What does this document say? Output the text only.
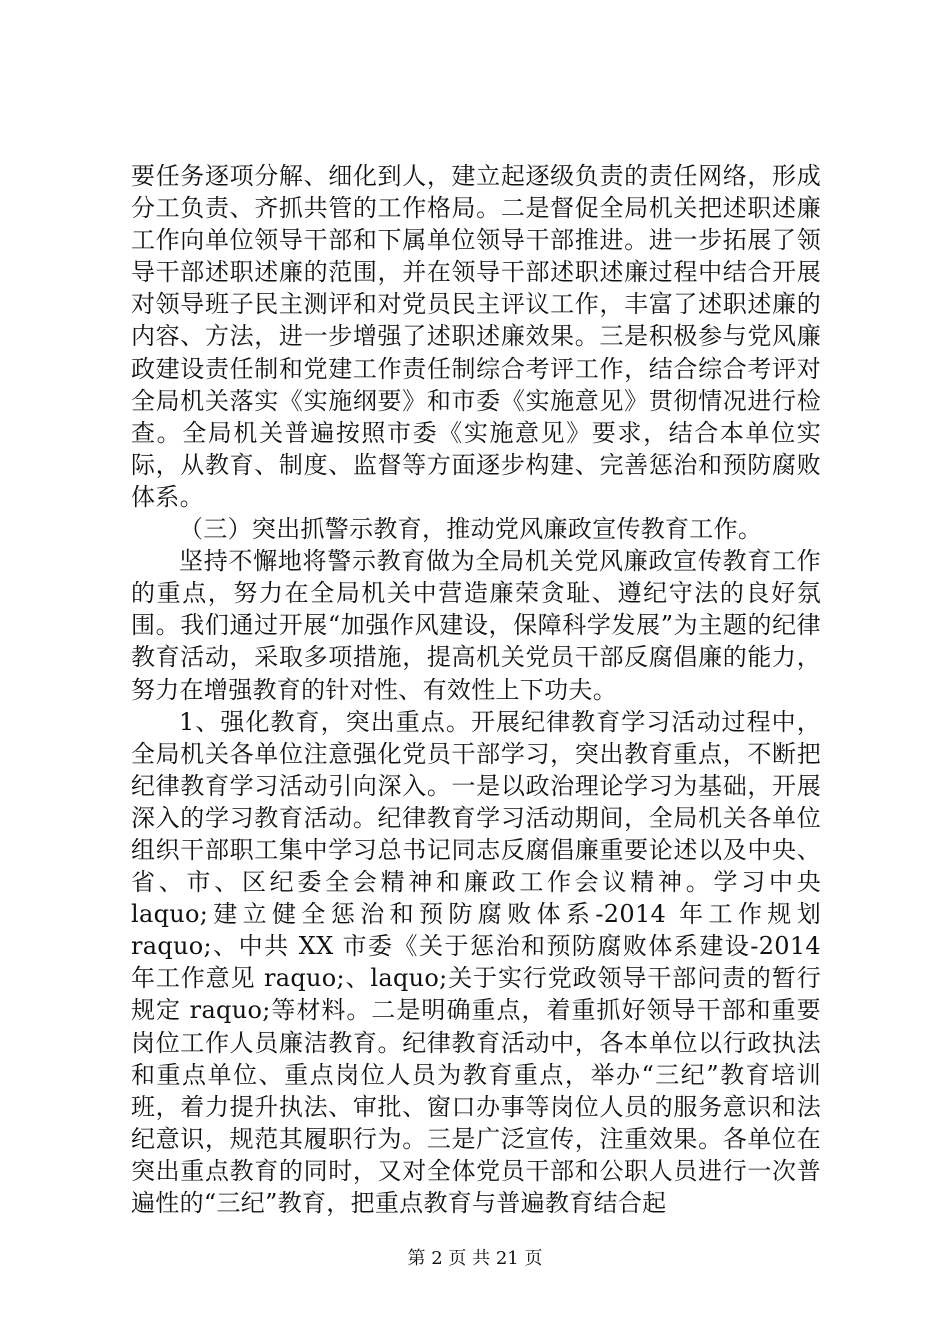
要任务逐项分解、细化到人，建立起逐级负责的责任网络，形成分工负责、齐抓共管的工作格局。二是督促全局机关把述职述廉工作向单位领导干部和下属单位领导干部推进。进一步拓展了领导干部述职述廉的范围，并在领导干部述职述廉过程中结合开展对领导班子民主测评和对党员民主评议工作，丰富了述职述廉的内容、方法，进一步增强了述职述廉效果。三是积极参与党风廉政建设责任制和党建工作责任制综合考评工作，结合综合考评对全局机关落实《实施纲要》和市委《实施意见》贯彻情况进行检查。全局机关普遍按照市委《实施意见》要求，结合本单位实际，从教育、制度、监督等方面逐步构建、完善惩治和预防腐败体系。

（三）突出抓警示教育，推动党风廉政宣传教育工作。

坚持不懈地将警示教育做为全局机关党风廉政宣传教育工作的重点，努力在全局机关中营造廉荣贪耻、遵纪守法的良好氛围。我们通过开展“加强作风建设，保障科学发展”为主题的纪律教育活动，采取多项措施，提高机关党员干部反腐倡廉的能力，努力在增强教育的针对性、有效性上下功夫。

1、强化教育，突出重点。开展纪律教育学习活动过程中，全局机关各单位注意强化党员干部学习，突出教育重点，不断把纪律教育学习活动引向深入。一是以政治理论学习为基础，开展深入的学习教育活动。纪律教育学习活动期间，全局机关各单位组织干部职工集中学习总书记同志反腐倡廉重要论述以及中央、省、市、区纪委全会精神和廉政工作会议精神。学习中央 laquo;建立健全惩治和预防腐败体系-2014 年工作规划 raquo;、中共 XX 市委《关于惩治和预防腐败体系建设-2014 年工作意见 raquo;、laquo;关于实行党政领导干部问责的暂行规定 raquo;等材料。二是明确重点，着重抓好领导干部和重要岗位工作人员廉洁教育。纪律教育活动中，各本单位以行政执法和重点单位、重点岗位人员为教育重点，举办“三纪”教育培训班，着力提升执法、审批、窗口办事等岗位人员的服务意识和法纪意识，规范其履职行为。三是广泛宣传，注重效果。各单位在突出重点教育的同时，又对全体党员干部和公职人员进行一次普遍性的“三纪”教育，把重点教育与普遍教育结合起

第 2 页 共 21 页
